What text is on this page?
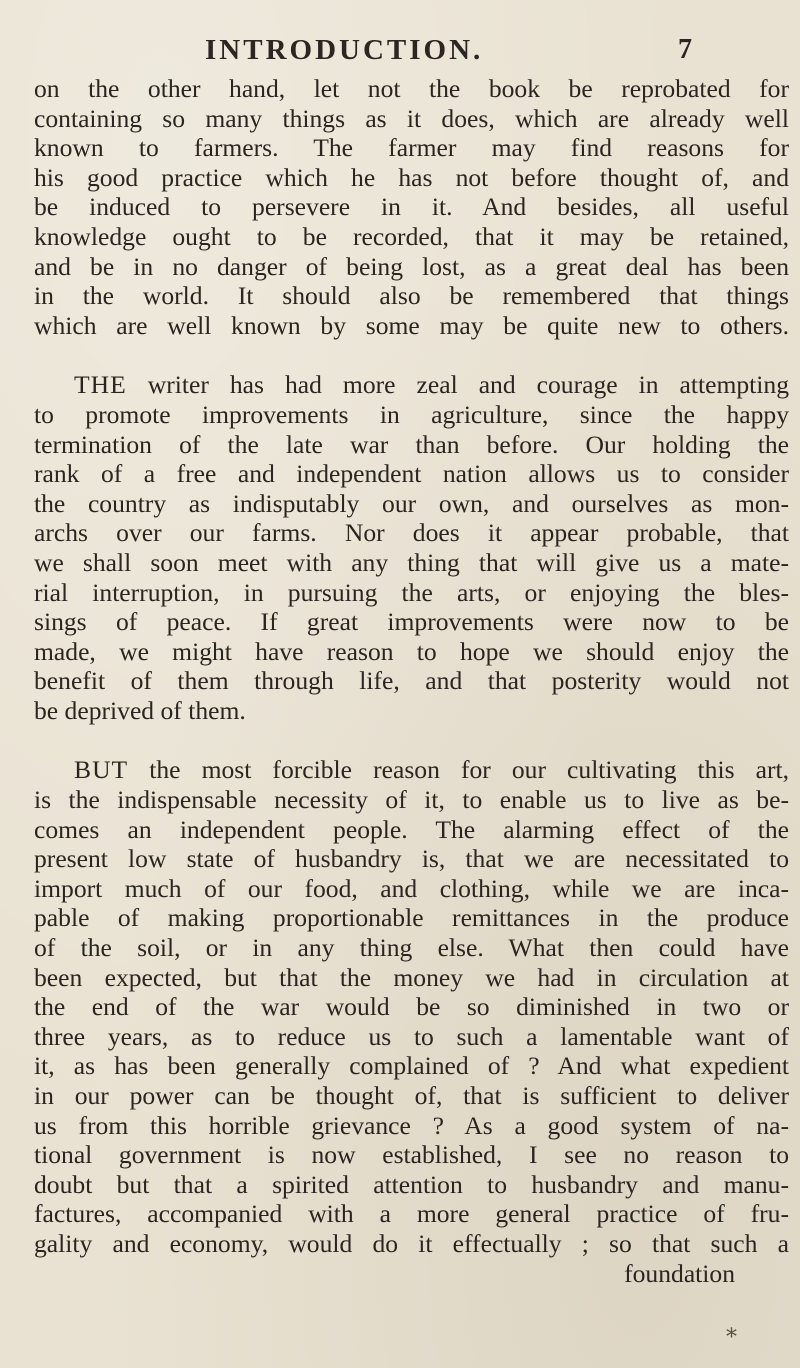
INTRODUCTION.	7
on the other hand, let not the book be reprobated for
containing so many things as it does, which are already well
known to farmers. The farmer may find reasons for
his good practice which he has not before thought of, and
be induced to persevere in it. And besides, all useful
knowledge ought to be recorded, that it may be retained,
and be in no danger of being lost, as a great deal has been
in the world. It should also be remembered that things
which are well known by some may be quite new to others.
THE writer has had more zeal and courage in attempting
to promote improvements in agriculture, since the happy
termination of the late war than before. Our holding the
rank of a free and independent nation allows us to consider
the country as indisputably our own, and ourselves as mon-
archs over our farms. Nor does it appear probable, that
we shall soon meet with any thing that will give us a mate-
rial interruption, in pursuing the arts, or enjoying the bles-
sings of peace. If great improvements were now to be
made, we might have reason to hope we should enjoy the
benefit of them through life, and that posterity would not
be deprived of them.
BUT the most forcible reason for our cultivating this art,
is the indispensable necessity of it, to enable us to live as be-
comes an independent people. The alarming effect of the
present low state of husbandry is, that we are necessitated to
import much of our food, and clothing, while we are inca-
pable of making proportionable remittances in the produce
of the soil, or in any thing else. What then could have
been expected, but that the money we had in circulation at
the end of the war would be so diminished in two or
three years, as to reduce us to such a lamentable want of
it, as has been generally complained of ? And what expedient
in our power can be thought of, that is sufficient to deliver
us from this horrible grievance ? As a good system of na-
tional government is now established, I see no reason to
doubt but that a spirited attention to husbandry and manu-
factures, accompanied with a more general practice of fru-
gality and economy, would do it effectually ; so that such a
foundation
⁎
